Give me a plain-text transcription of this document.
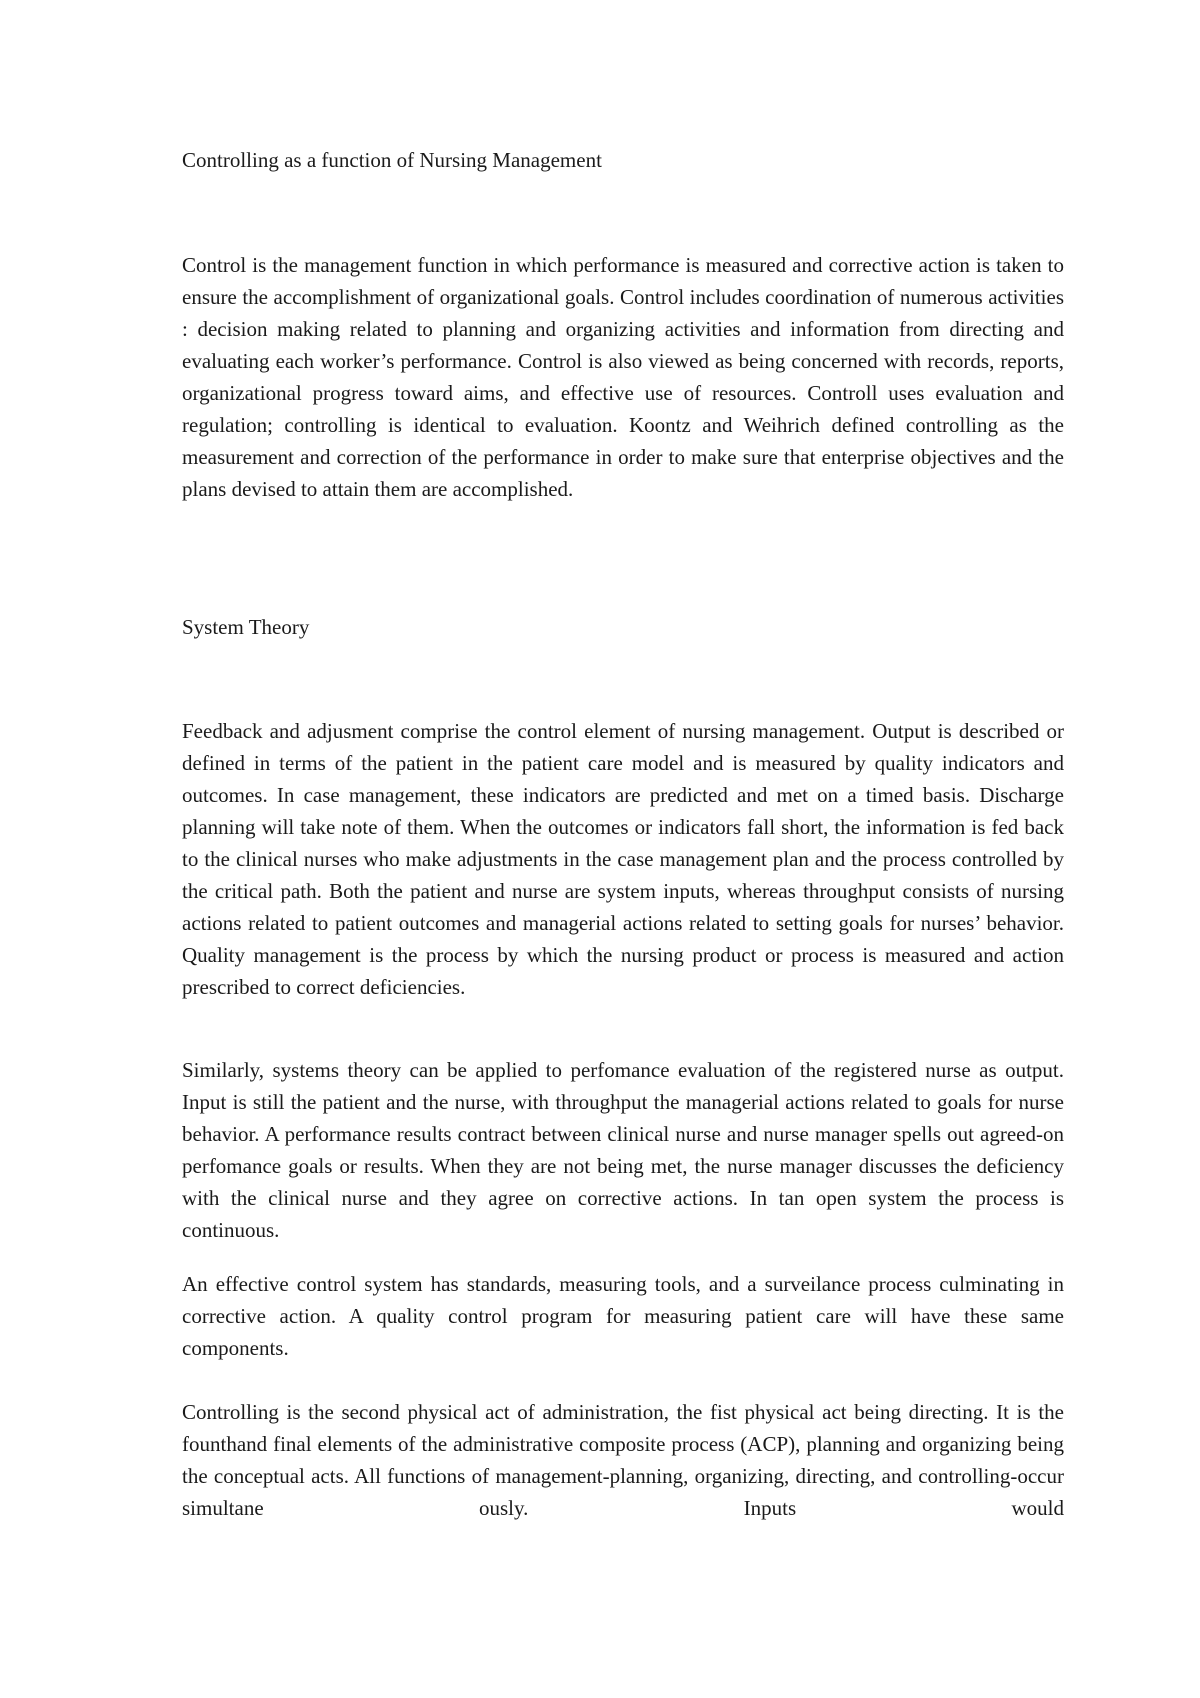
Controlling as a function of Nursing Management
Control is the management function in which performance is measured and corrective action is taken to ensure the accomplishment of organizational goals. Control includes coordination of numerous activities : decision making related to planning and organizing activities and information from directing and evaluating each worker’s performance. Control is also viewed as being concerned with records, reports, organizational progress toward aims, and effective use of resources. Controll uses evaluation and regulation; controlling is identical to evaluation. Koontz and Weihrich defined controlling as the measurement and correction of the performance in order to make sure that enterprise objectives and the plans devised to attain them are accomplished.
System Theory
Feedback and adjusment comprise the control element of nursing management. Output is described or defined in terms of the patient in the patient care model and is measured by quality indicators and outcomes. In case management, these indicators are predicted and met on a timed basis. Discharge planning will take note of them. When the outcomes or indicators fall short, the information is fed back to the clinical nurses who make adjustments in the case management plan and the process controlled by the critical path. Both the patient and nurse are system inputs, whereas throughput consists of nursing actions related to patient outcomes and managerial actions related to setting goals for nurses’ behavior. Quality management is the process by which the nursing product or process is measured and action prescribed to correct deficiencies.
Similarly, systems theory can be applied to perfomance evaluation of the registered nurse as output. Input is still the patient and the nurse, with throughput the managerial actions related to goals for nurse behavior. A performance results contract between clinical nurse and nurse manager spells out agreed-on perfomance goals or results. When they are not being met, the nurse manager discusses the deficiency with the clinical nurse and they agree on corrective actions. In tan open system the process is continuous.
An effective control system has standards, measuring tools, and a surveilance process culminating in corrective action. A quality control program for measuring patient care will have these same components.
Controlling is the second physical act of administration, the fist physical act being directing. It is the founthand final elements of the administrative composite process (ACP), planning and organizing being the conceptual acts. All functions of management-planning, organizing, directing, and controlling-occur simultane ously. Inputs would
